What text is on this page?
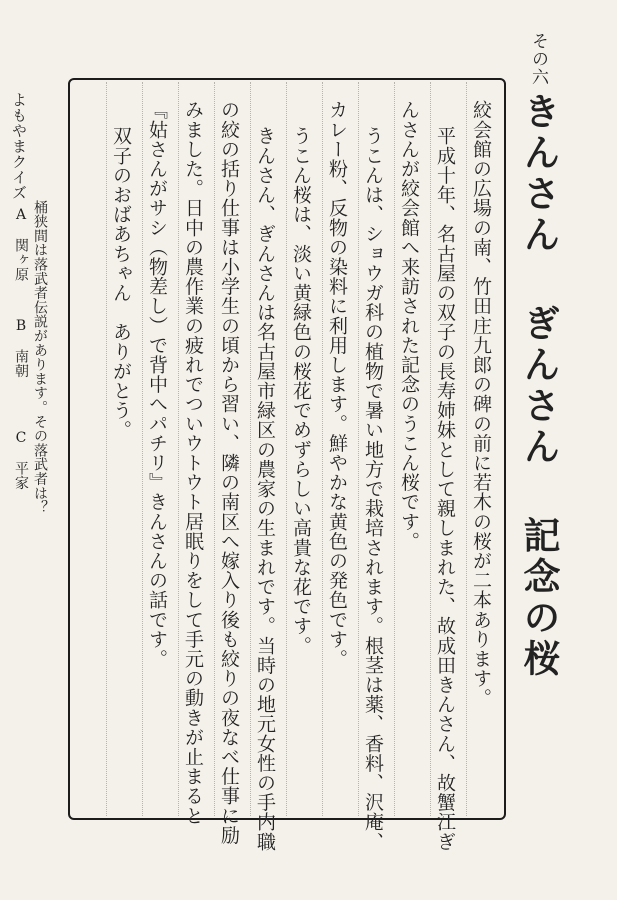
その六
きんさん ぎんさん 記念の桜
絞会館の広場の南、竹田庄九郎の碑の前に若木の桜が二本あります。
平成十年、名古屋の双子の長寿姉妹として親しまれた、故成田きんさん、故蟹江ぎ
んさんが絞会館へ来訪された記念のうこん桜です。
うこんは、ショウガ科の植物で暑い地方で栽培されます。根茎は薬、香料、沢庵、
カレー粉、反物の染料に利用します。鮮やかな黄色の発色です。
うこん桜は、淡い黄緑色の桜花でめずらしい高貴な花です。
きんさん、ぎんさんは名古屋市緑区の農家の生まれです。当時の地元女性の手内職
の絞の括り仕事は小学生の頃から習い、隣の南区へ嫁入り後も絞りの夜なべ仕事に励
みました。日中の農作業の疲れでついウトウト居眠りをして手元の動きが止まると
『姑さんがサシ（物差し）で背中へパチリ』きんさんの話です。
双子のおばあちゃん　ありがとう。
よもやまクイズ
桶狭間は落武者伝説があります。その落武者は？
A　関ヶ原
B　南朝
C　平家
